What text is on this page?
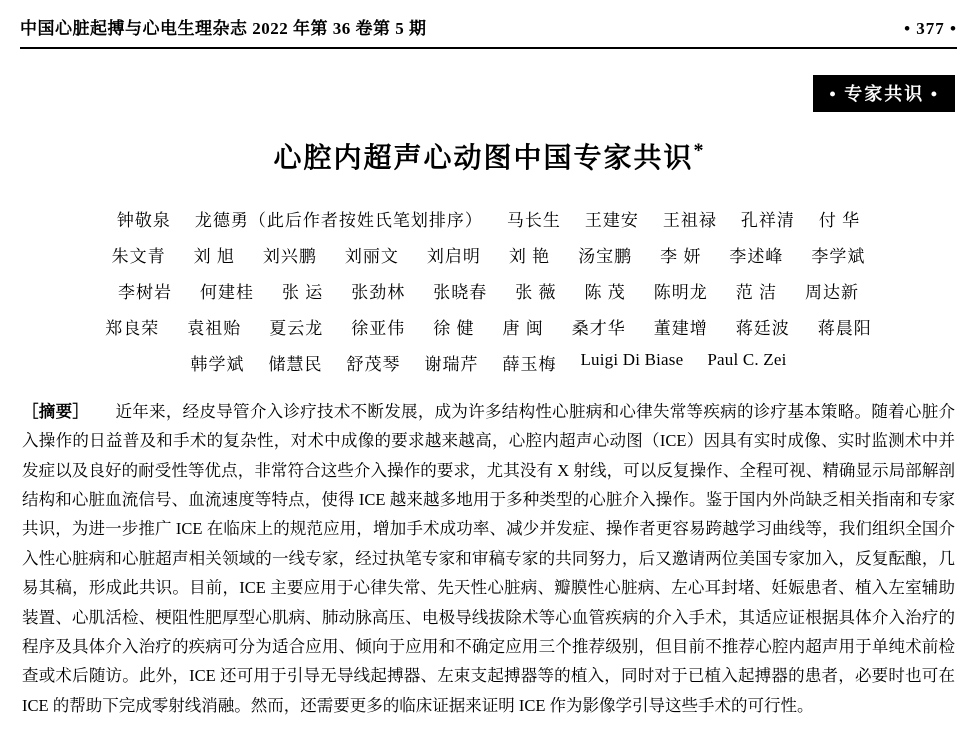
中国心脏起搏与心电生理杂志 2022 年第 36 卷第 5 期	• 377 •
• 专家共识 •
心腔内超声心动图中国专家共识*
钟敬泉 龙德勇（此后作者按姓氏笔划排序） 马长生 王建安 王祖禄 孔祥清 付 华
朱文青 刘 旭 刘兴鹏 刘丽文 刘启明 刘 艳 汤宝鹏 李 妍 李述峰 李学斌
李树岩 何建桂 张 运 张劲林 张晓春 张 薇 陈 茂 陈明龙 范 洁 周达新
郑良荣 袁祖贻 夏云龙 徐亚伟 徐 健 唐 闽 桑才华 董建增 蒋廷波 蒋晨阳
韩学斌 储慧民 舒茂琴 谢瑞芹 薛玉梅 Luigi Di Biase Paul C. Zei
［摘要］ 近年来，经皮导管介入诊疗技术不断发展，成为许多结构性心脏病和心律失常等疾病的诊疗基本策略。随着心脏介入操作的日益普及和手术的复杂性，对术中成像的要求越来越高，心腔内超声心动图（ICE）因具有实时成像、实时监测术中并发症以及良好的耐受性等优点，非常符合这些介入操作的要求，尤其没有 X 射线，可以反复操作、全程可视、精确显示局部解剖结构和心脏血流信号、血流速度等特点，使得 ICE 越来越多地用于多种类型的心脏介入操作。鉴于国内外尚缺乏相关指南和专家共识，为进一步推广 ICE 在临床上的规范应用，增加手术成功率、减少并发症、操作者更容易跨越学习曲线等，我们组织全国介入性心脏病和心脏超声相关领域的一线专家，经过执笔专家和审稿专家的共同努力，后又邀请两位美国专家加入，反复酝酿，几易其稿，形成此共识。目前，ICE 主要应用于心律失常、先天性心脏病、瓣膜性心脏病、左心耳封堵、妊娠患者、植入左室辅助装置、心肌活检、梗阻性肥厚型心肌病、肺动脉高压、电极导线拔除术等心血管疾病的介入手术，其适应证根据具体介入治疗的程序及具体介入治疗的疾病可分为适合应用、倾向于应用和不确定应用三个推荐级别，但目前不推荐心腔内超声用于单纯术前检查或术后随访。此外，ICE 还可用于引导无导线起搏器、左束支起搏器等的植入，同时对于已植入起搏器的患者，必要时也可在 ICE 的帮助下完成零射线消融。然而，还需要更多的临床证据来证明 ICE 作为影像学引导这些手术的可行性。
